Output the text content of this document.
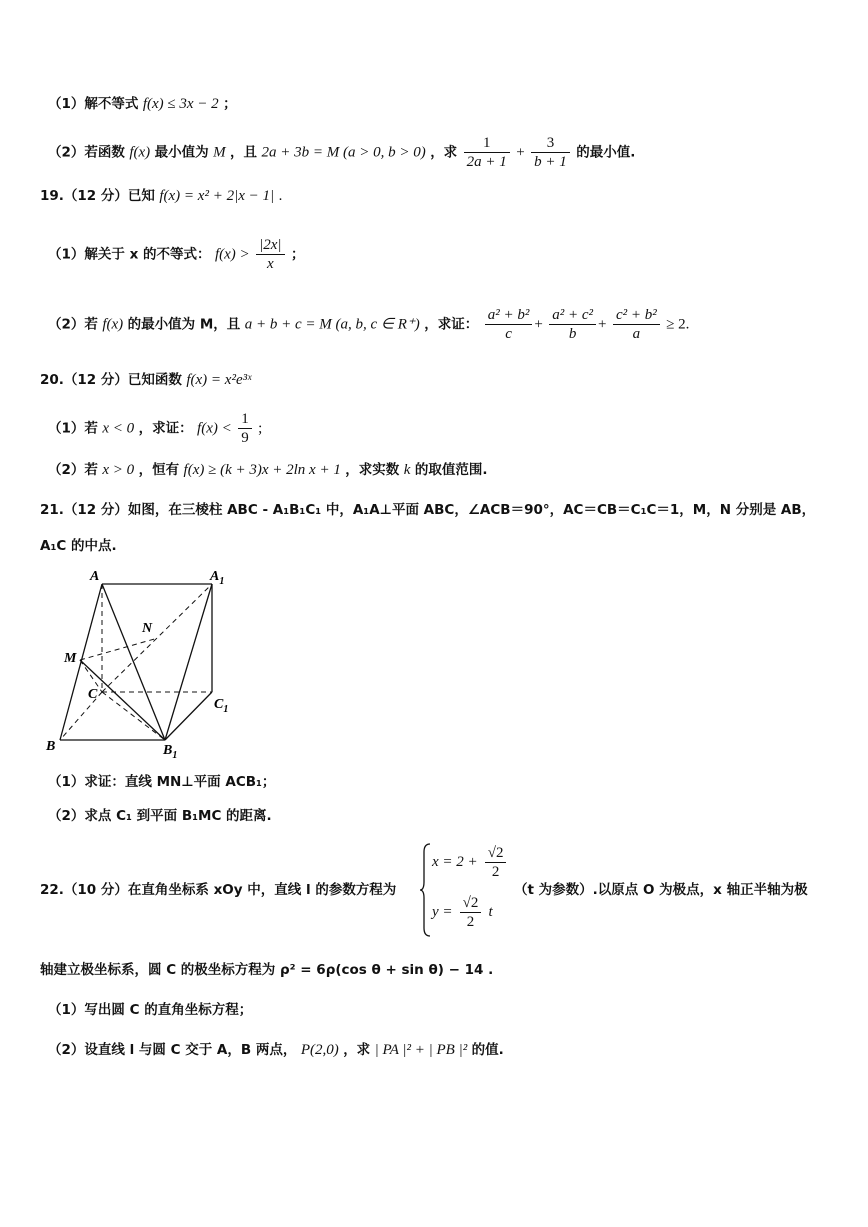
（1）解不等式 f(x) ≤ 3x − 2 ；
（2）若函数 f(x) 最小值为 M ，且 2a + 3b = M (a > 0, b > 0) ，求 $\frac{1}{2a + 1} + \frac{3}{b + 1}$ 的最小值.
19.（12 分）已知 f(x) = x² + 2|x − 1| .
（1）解关于 x 的不等式： $f(x) > \frac{|2x|}{x}$ ；
（2）若 f(x) 的最小值为 M，且 a + b + c = M (a, b, c ∈ R⁺) ，求证： $\frac{\text{a² + b²}}{c} + \frac{\text{a² + c²}}{b} + \frac{\text{c² + b²}}{a} \ge 2$.
20.（12 分）已知函数 f(x) = x²e³ˣ
（1）若 x < 0 ，求证： $f(x) < \frac{1}{9}$ ;
（2）若 x > 0 ，恒有 f(x) ≥ (k + 3)x + 2ln x + 1 ，求实数 k 的取值范围.
21.（12 分）如图，在三棱柱 ABC - A₁B₁C₁ 中，A₁A⊥平面 ABC，∠ACB＝90°，AC＝CB＝C₁C＝1，M，N 分别是 AB，
A₁C 的中点.
A	$A_1$
N
M
C
$C_1$
B	$B_1$
（1）求证：直线 MN⊥平面 ACB₁；
（2）求点 C₁ 到平面 B₁MC 的距离.
22.（10 分）在直角坐标系 xOy 中，直线 l 的参数方程为
$x = 2 + \frac{√2}{2}$
$y = \frac{√2}{2}$ t
（t 为参数）.以原点 O 为极点，x 轴正半轴为极
轴建立极坐标系，圆 C 的极坐标方程为 ρ² = 6ρ(cos θ + sin θ) − 14 .
（1）写出圆 C 的直角坐标方程；
（2）设直线 l 与圆 C 交于 A，B 两点， P(2,0) ，求 | PA |² + | PB |² 的值.
